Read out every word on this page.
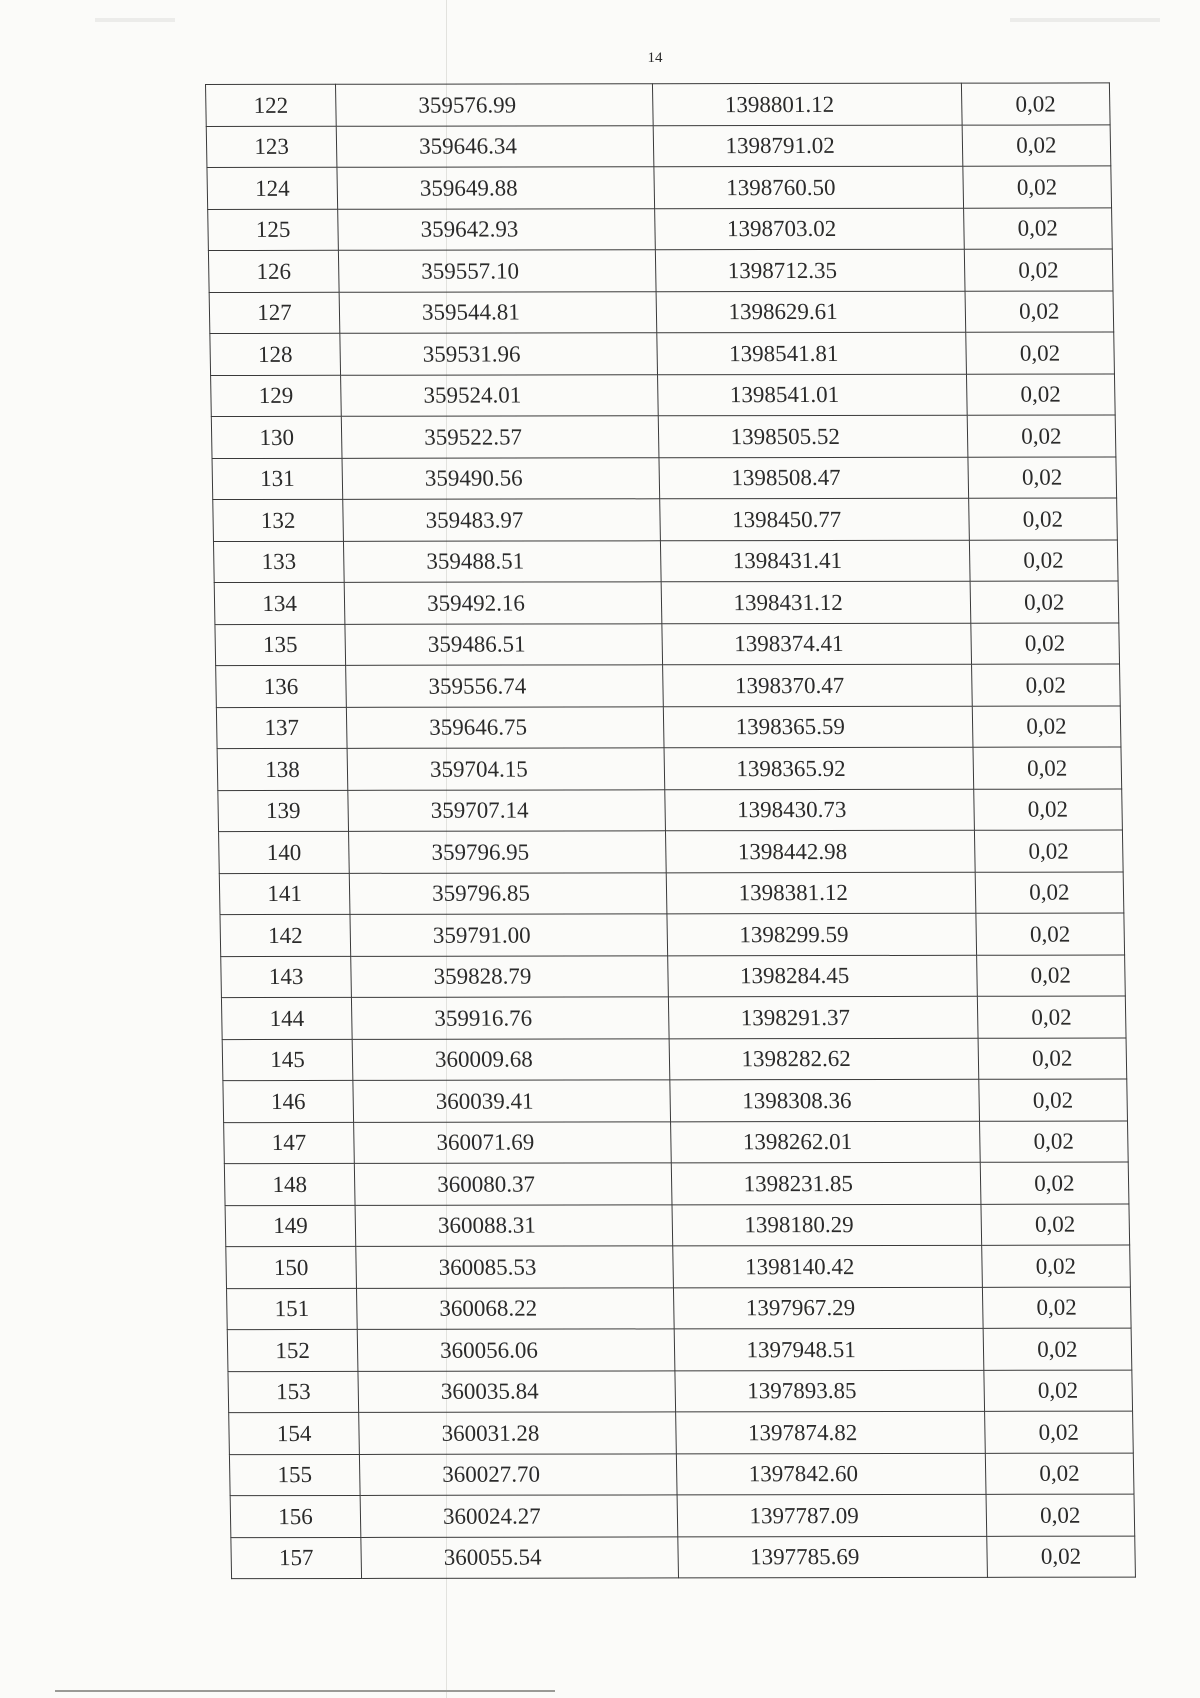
14
122	359576.99	1398801.12	0,02
123	359646.34	1398791.02	0,02
124	359649.88	1398760.50	0,02
125	359642.93	1398703.02	0,02
126	359557.10	1398712.35	0,02
127	359544.81	1398629.61	0,02
128	359531.96	1398541.81	0,02
129	359524.01	1398541.01	0,02
130	359522.57	1398505.52	0,02
131	359490.56	1398508.47	0,02
132	359483.97	1398450.77	0,02
133	359488.51	1398431.41	0,02
134	359492.16	1398431.12	0,02
135	359486.51	1398374.41	0,02
136	359556.74	1398370.47	0,02
137	359646.75	1398365.59	0,02
138	359704.15	1398365.92	0,02
139	359707.14	1398430.73	0,02
140	359796.95	1398442.98	0,02
141	359796.85	1398381.12	0,02
142	359791.00	1398299.59	0,02
143	359828.79	1398284.45	0,02
144	359916.76	1398291.37	0,02
145	360009.68	1398282.62	0,02
146	360039.41	1398308.36	0,02
147	360071.69	1398262.01	0,02
148	360080.37	1398231.85	0,02
149	360088.31	1398180.29	0,02
150	360085.53	1398140.42	0,02
151	360068.22	1397967.29	0,02
152	360056.06	1397948.51	0,02
153	360035.84	1397893.85	0,02
154	360031.28	1397874.82	0,02
155	360027.70	1397842.60	0,02
156	360024.27	1397787.09	0,02
157	360055.54	1397785.69	0,02
